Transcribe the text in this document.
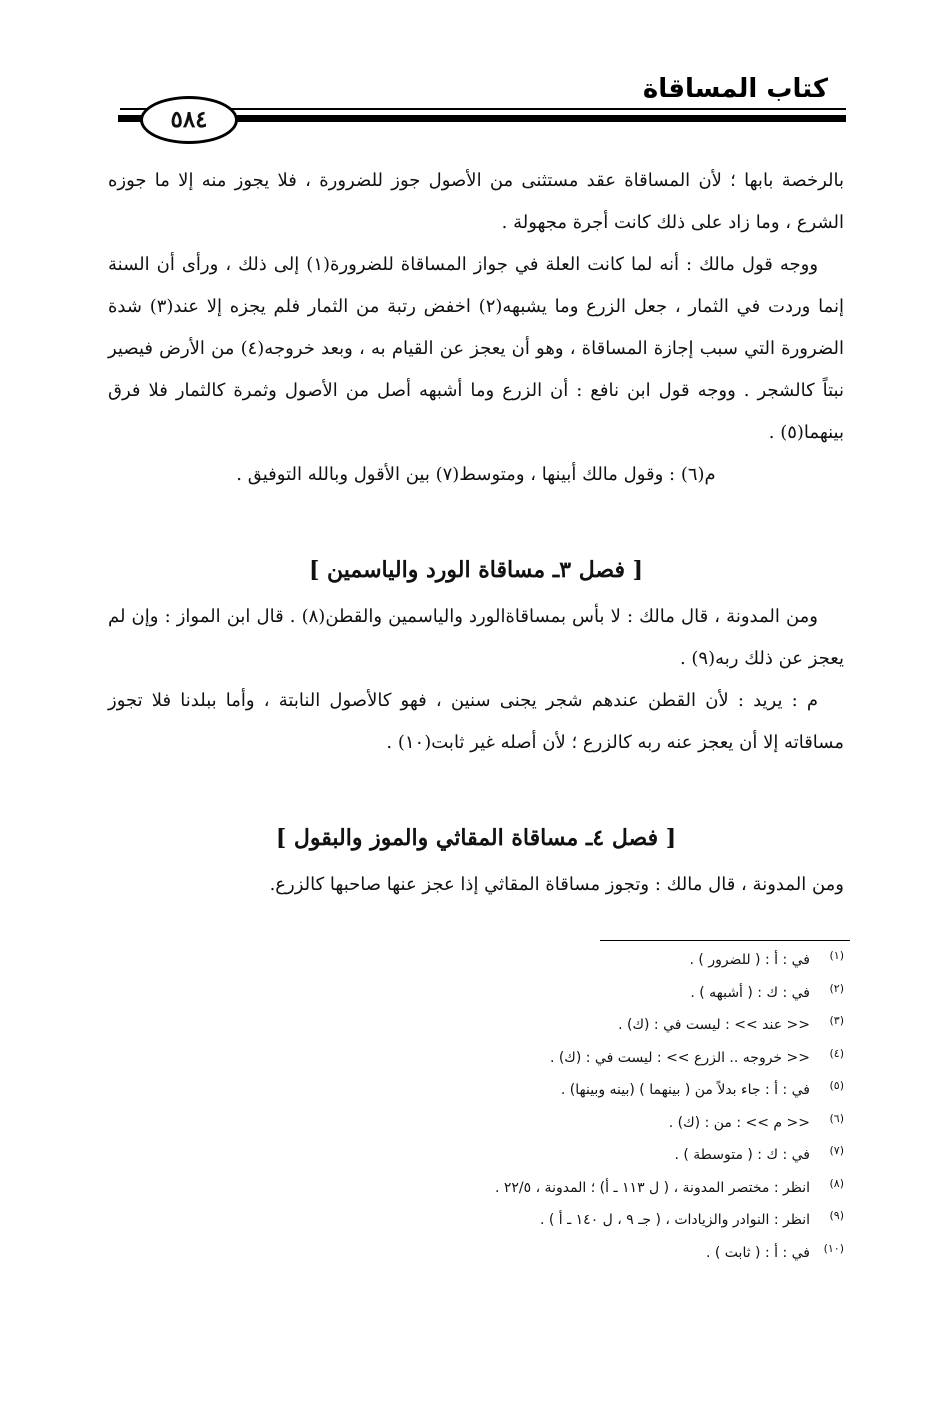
كتاب المساقاة
٥٨٤

بالرخصة بابها ؛ لأن المساقاة عقد مستثنى من الأصول جوز للضرورة ، فلا يجوز منه إلا ما جوزه الشرع ، وما زاد على ذلك كانت أجرة مجهولة .

ووجه قول مالك : أنه لما كانت العلة في جواز المساقاة للضرورة(١) إلى ذلك ، ورأى أن السنة إنما وردت في الثمار ، جعل الزرع وما يشبهه(٢) اخفض رتبة من الثمار فلم يجزه إلا عند(٣) شدة الضرورة التي سبب إجازة المساقاة ، وهو أن يعجز عن القيام به ، وبعد خروجه(٤) من الأرض فيصير نبتاً كالشجر . ووجه قول ابن نافع : أن الزرع وما أشبهه أصل من الأصول وثمرة كالثمار فلا فرق بينهما(٥) .

م(٦) : وقول مالك أبينها ، ومتوسط(٧) بين الأقول وبالله التوفيق .

[ فصل ٣ـ مساقاة الورد والياسمين ]

ومن المدونة ، قال مالك : لا بأس بمساقاةالورد والياسمين والقطن(٨) . قال ابن المواز : وإن لم يعجز عن ذلك ربه(٩) .

م : يريد : لأن القطن عندهم شجر يجنى سنين ، فهو كالأصول النابتة ، وأما ببلدنا فلا تجوز مساقاته إلا أن يعجز عنه ربه كالزرع ؛ لأن أصله غير ثابت(١٠) .

[ فصل ٤ـ مساقاة المقاثي والموز والبقول ]

ومن المدونة ، قال مالك : وتجوز مساقاة المقاثي إذا عجز عنها صاحبها كالزرع.

(١)
في : أ : ( للضرور ) .
(٢)
في : ك : ( أشبهه ) .
(٣)
<< عند >> : ليست في : (ك) .
(٤)
<< خروجه .. الزرع >> : ليست في : (ك) .
(٥)
في : أ : جاء بدلاً من ( بينهما ) (بينه وبينها) .
(٦)
<< م >> : من : (ك) .
(٧)
في : ك : ( متوسطة ) .
(٨)
انظر : مختصر المدونة ، ( ل ١١٣ ـ أ) ؛ المدونة ، ٢٢/٥ .
(٩)
انظر : النوادر والزيادات ، ( جـ ٩ ، ل ١٤٠ ـ أ ) .
(١٠)
في : أ : ( ثابت ) .
